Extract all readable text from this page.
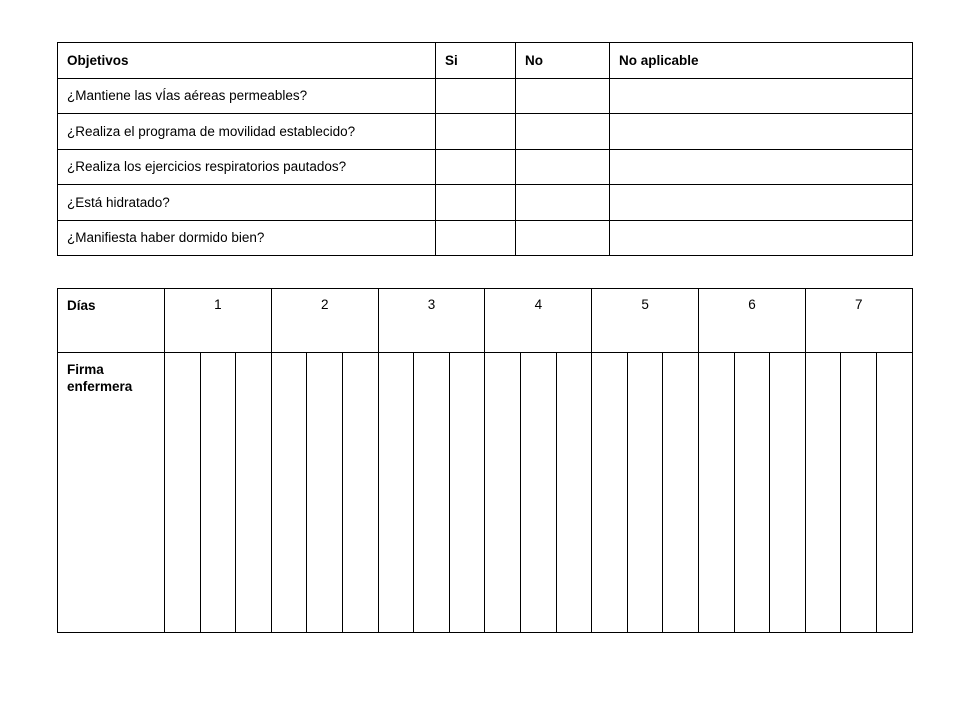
Objetivos	Si	No	No aplicable
¿Mantiene las vÍas aéreas permeables?			
¿Realiza el programa de movilidad establecido?			
¿Realiza los ejercicios respiratorios pautados?			
¿Está hidratado?			
¿Manifiesta haber dormido bien?			
Días	1			2			3			4			5			6			7		
Firma enfermera																					
